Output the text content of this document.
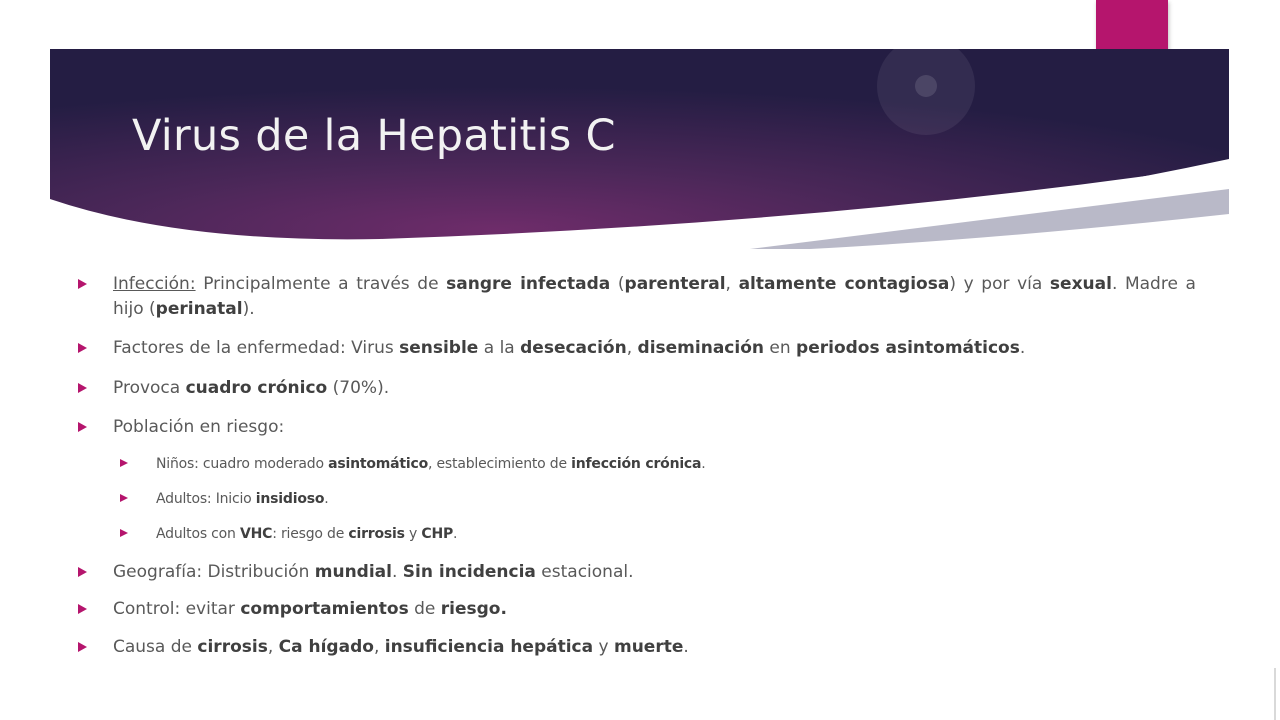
Virus de la Hepatitis C
Infección: Principalmente a través de sangre infectada (parenteral, altamente contagiosa) y por vía sexual. Madre a hijo (perinatal).
Factores de la enfermedad: Virus sensible a la desecación, diseminación en periodos asintomáticos.
Provoca cuadro crónico (70%).
Población en riesgo:
Niños: cuadro moderado asintomático, establecimiento de infección crónica.
Adultos: Inicio insidioso.
Adultos con VHC: riesgo de cirrosis y CHP.
Geografía: Distribución mundial. Sin incidencia estacional.
Control: evitar comportamientos de riesgo.
Causa de cirrosis, Ca hígado, insuficiencia hepática y muerte.
